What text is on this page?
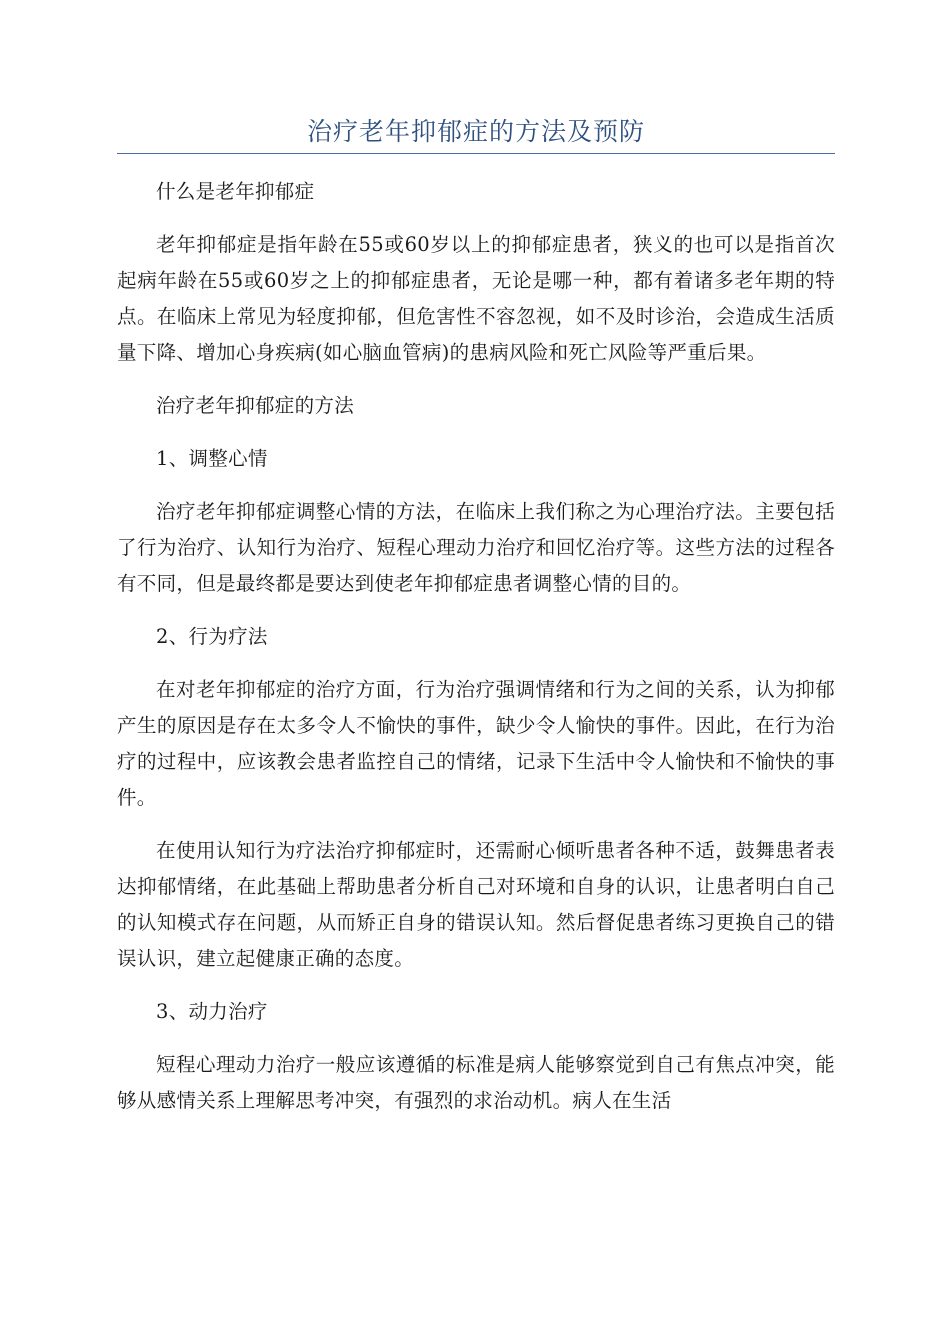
治疗老年抑郁症的方法及预防

什么是老年抑郁症

老年抑郁症是指年龄在55或60岁以上的抑郁症患者，狭义的也可以是指首次起病年龄在55或60岁之上的抑郁症患者，无论是哪一种，都有着诸多老年期的特点。在临床上常见为轻度抑郁，但危害性不容忽视，如不及时诊治，会造成生活质量下降、增加心身疾病(如心脑血管病)的患病风险和死亡风险等严重后果。

治疗老年抑郁症的方法

1、调整心情

治疗老年抑郁症调整心情的方法，在临床上我们称之为心理治疗法。主要包括了行为治疗、认知行为治疗、短程心理动力治疗和回忆治疗等。这些方法的过程各有不同，但是最终都是要达到使老年抑郁症患者调整心情的目的。

2、行为疗法

在对老年抑郁症的治疗方面，行为治疗强调情绪和行为之间的关系，认为抑郁产生的原因是存在太多令人不愉快的事件，缺少令人愉快的事件。因此，在行为治疗的过程中，应该教会患者监控自己的情绪，记录下生活中令人愉快和不愉快的事件。

在使用认知行为疗法治疗抑郁症时，还需耐心倾听患者各种不适，鼓舞患者表达抑郁情绪，在此基础上帮助患者分析自己对环境和自身的认识，让患者明白自己的认知模式存在问题，从而矫正自身的错误认知。然后督促患者练习更换自己的错误认识，建立起健康正确的态度。

3、动力治疗

短程心理动力治疗一般应该遵循的标准是病人能够察觉到自己有焦点冲突，能够从感情关系上理解思考冲突，有强烈的求治动机。病人在生活
